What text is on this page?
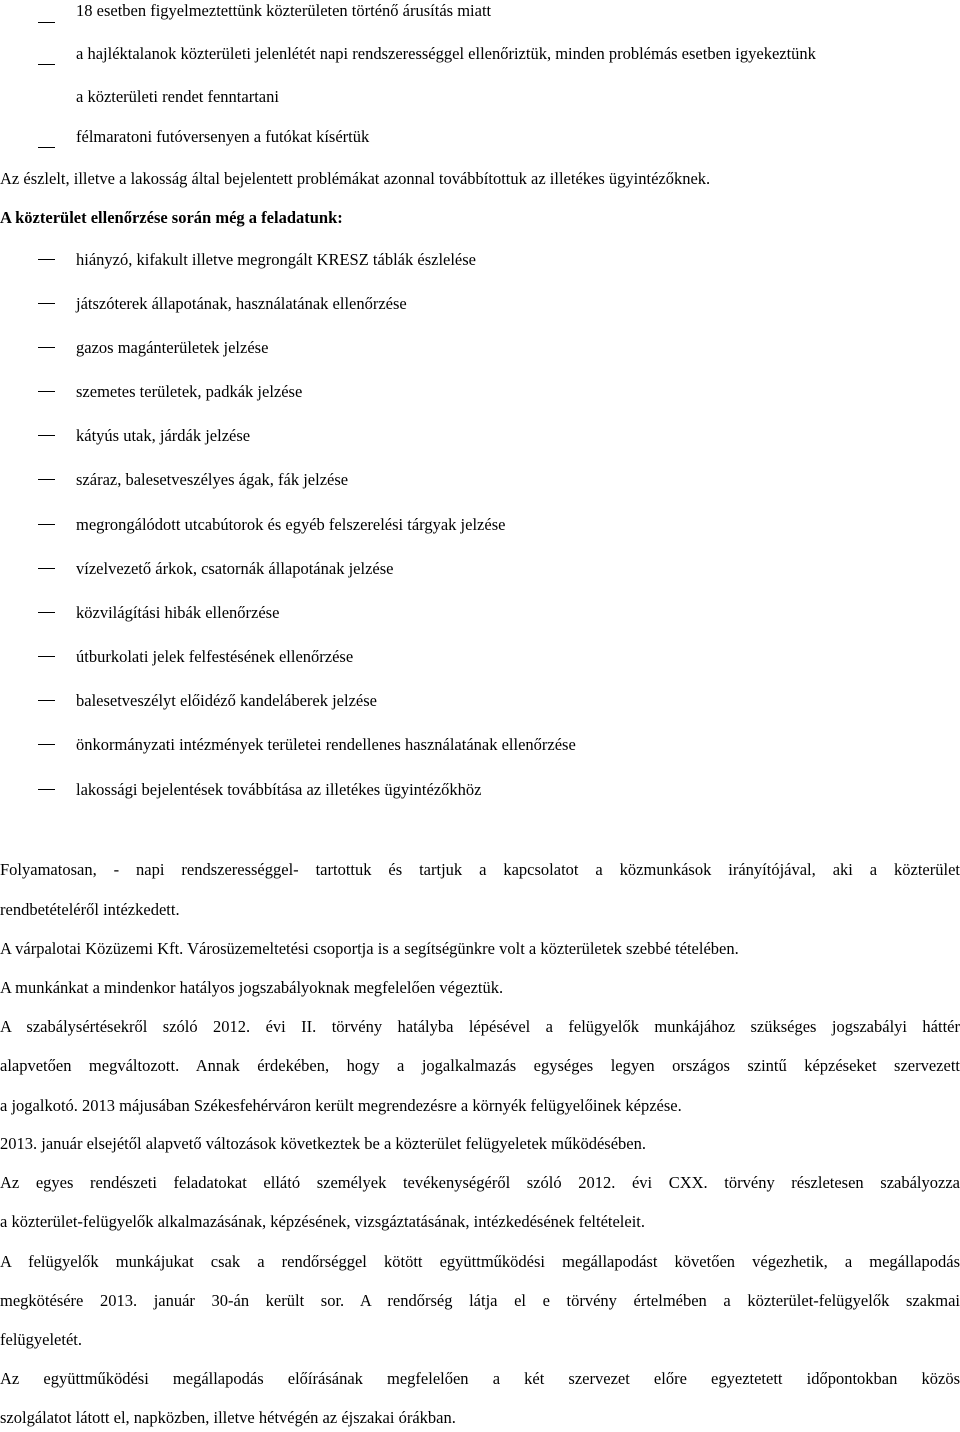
18 esetben figyelmeztettünk közterületen történő árusítás miatt
a hajléktalanok közterületi jelenlétét napi rendszerességgel ellenőriztük, minden problémás esetben igyekeztünk
a közterületi rendet fenntartani
félmaratoni futóversenyen a futókat kísértük
Az észlelt, illetve a lakosság által bejelentett problémákat azonnal továbbítottuk az illetékes ügyintézőknek.
A közterület ellenőrzése során még a feladatunk:
hiányzó, kifakult illetve megrongált KRESZ táblák észlelése
játszóterek állapotának, használatának ellenőrzése
gazos magánterületek jelzése
szemetes területek, padkák jelzése
kátyús utak, járdák jelzése
száraz, balesetveszélyes ágak, fák jelzése
megrongálódott utcabútorok és egyéb felszerelési tárgyak jelzése
vízelvezető árkok, csatornák állapotának jelzése
közvilágítási hibák ellenőrzése
útburkolati jelek felfestésének ellenőrzése
balesetveszélyt előidéző kandeláberek jelzése
önkormányzati intézmények területei rendellenes használatának ellenőrzése
lakossági bejelentések továbbítása az illetékes ügyintézőkhöz
Folyamatosan, - napi rendszerességgel- tartottuk és tartjuk a kapcsolatot a közmunkások irányítójával, aki a közterület
rendbetételéről intézkedett.
A várpalotai Közüzemi Kft. Városüzemeltetési csoportja is a segítségünkre volt a közterületek szebbé tételében.
A munkánkat a mindenkor hatályos jogszabályoknak megfelelően végeztük.
A szabálysértésekről szóló 2012. évi II. törvény hatályba lépésével a felügyelők munkájához szükséges jogszabályi háttér
alapvetően megváltozott. Annak érdekében, hogy a jogalkalmazás egységes legyen országos szintű képzéseket szervezett
a jogalkotó. 2013 májusában Székesfehérváron került megrendezésre a környék felügyelőinek képzése.
2013. január elsejétől alapvető változások következtek be a közterület felügyeletek működésében.
Az egyes rendészeti feladatokat ellátó személyek tevékenységéről szóló 2012. évi CXX. törvény részletesen szabályozza
a közterület-felügyelők alkalmazásának, képzésének, vizsgáztatásának, intézkedésének feltételeit.
A felügyelők munkájukat csak a rendőrséggel kötött együttműködési megállapodást követően végezhetik, a megállapodás
megkötésére 2013. január 30-án került sor. A rendőrség látja el e törvény értelmében a közterület-felügyelők szakmai
felügyeletét.
Az együttműködési megállapodás előírásának megfelelően a két szervezet előre egyeztetett időpontokban közös
szolgálatot látott el, napközben, illetve hétvégén az éjszakai órákban.
